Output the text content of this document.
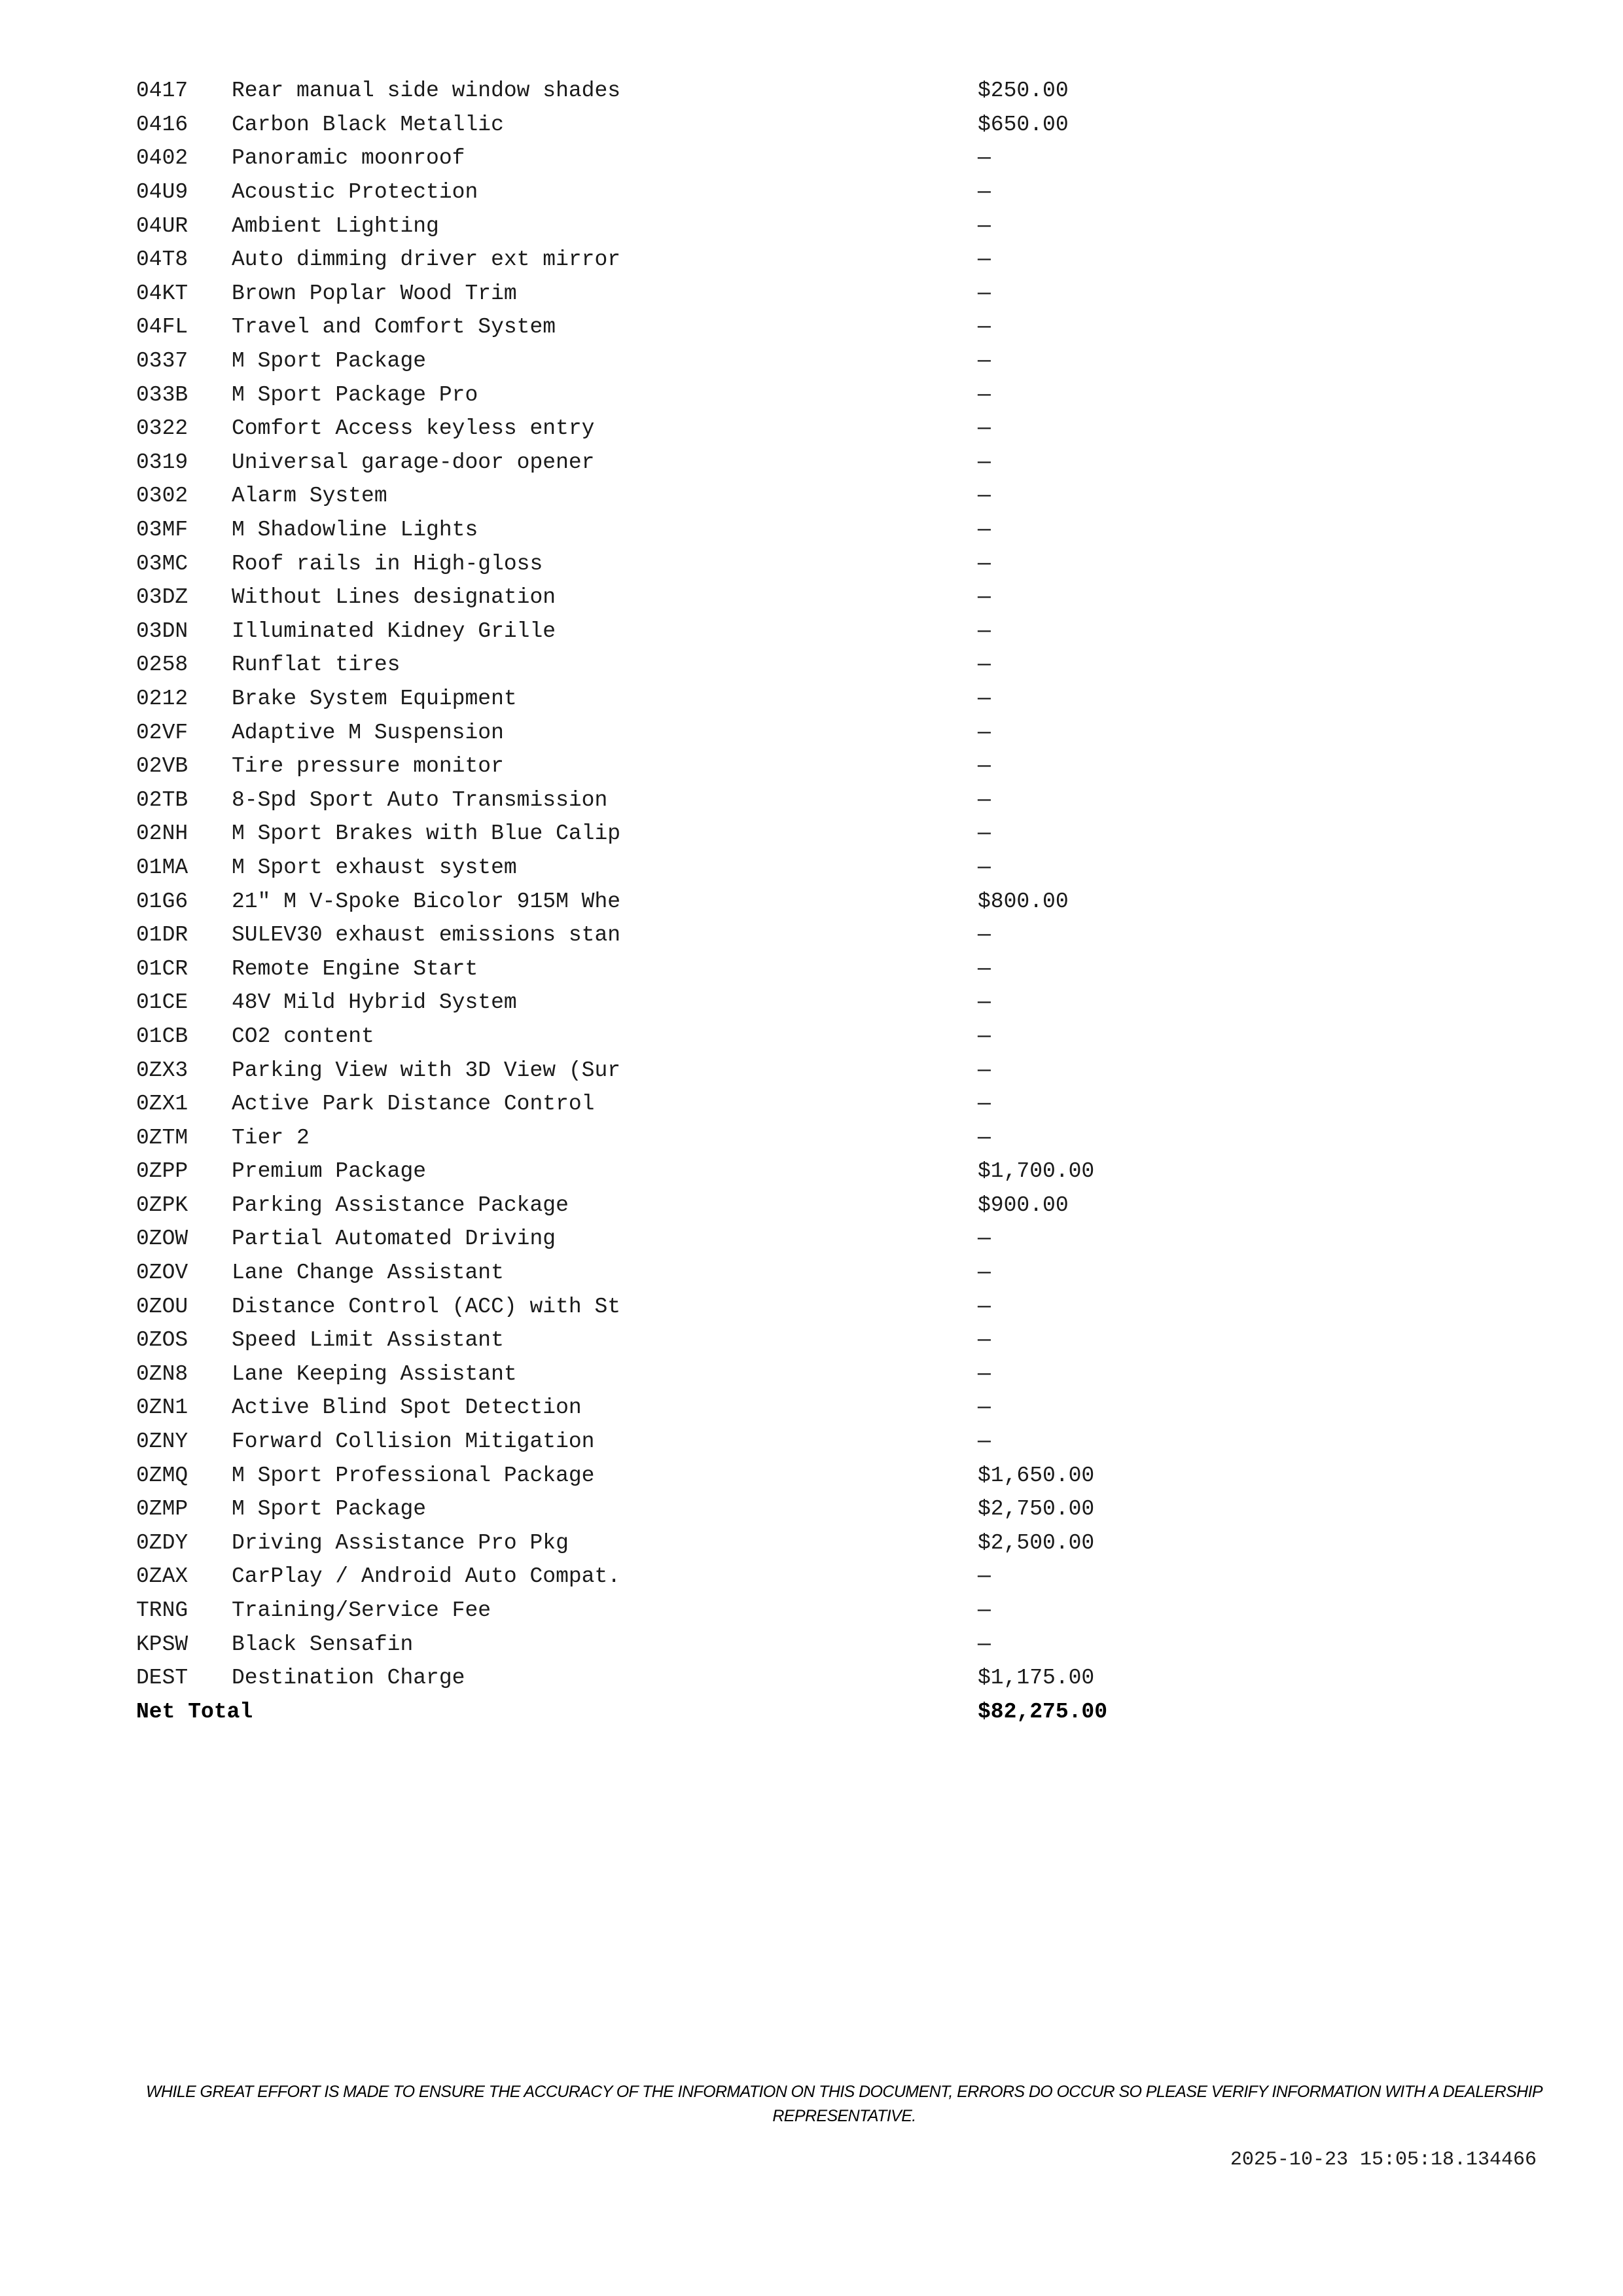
0417	Rear manual side window shades	$250.00
0416	Carbon Black Metallic	$650.00
0402	Panoramic moonroof	—
04U9	Acoustic Protection	—
04UR	Ambient Lighting	—
04T8	Auto dimming driver ext mirror	—
04KT	Brown Poplar Wood Trim	—
04FL	Travel and Comfort System	—
0337	M Sport Package	—
033B	M Sport Package Pro	—
0322	Comfort Access keyless entry	—
0319	Universal garage-door opener	—
0302	Alarm System	—
03MF	M Shadowline Lights	—
03MC	Roof rails in High-gloss	—
03DZ	Without Lines designation	—
03DN	Illuminated Kidney Grille	—
0258	Runflat tires	—
0212	Brake System Equipment	—
02VF	Adaptive M Suspension	—
02VB	Tire pressure monitor	—
02TB	8-Spd Sport Auto Transmission	—
02NH	M Sport Brakes with Blue Calip	—
01MA	M Sport exhaust system	—
01G6	21" M V-Spoke Bicolor 915M Whe	$800.00
01DR	SULEV30 exhaust emissions stan	—
01CR	Remote Engine Start	—
01CE	48V Mild Hybrid System	—
01CB	CO2 content	—
0ZX3	Parking View with 3D View (Sur	—
0ZX1	Active Park Distance Control	—
0ZTM	Tier 2	—
0ZPP	Premium Package	$1,700.00
0ZPK	Parking Assistance Package	$900.00
0ZOW	Partial Automated Driving	—
0ZOV	Lane Change Assistant	—
0ZOU	Distance Control (ACC) with St	—
0ZOS	Speed Limit Assistant	—
0ZN8	Lane Keeping Assistant	—
0ZN1	Active Blind Spot Detection	—
0ZNY	Forward Collision Mitigation	—
0ZMQ	M Sport Professional Package	$1,650.00
0ZMP	M Sport Package	$2,750.00
0ZDY	Driving Assistance Pro Pkg	$2,500.00
0ZAX	CarPlay / Android Auto Compat.	—
TRNG	Training/Service Fee	—
KPSW	Black Sensafin	—
DEST	Destination Charge	$1,175.00
Net Total	$82,275.00
WHILE GREAT EFFORT IS MADE TO ENSURE THE ACCURACY OF THE INFORMATION ON THIS DOCUMENT, ERRORS DO OCCUR SO PLEASE VERIFY INFORMATION WITH A DEALERSHIP REPRESENTATIVE.
2025-10-23 15:05:18.134466
